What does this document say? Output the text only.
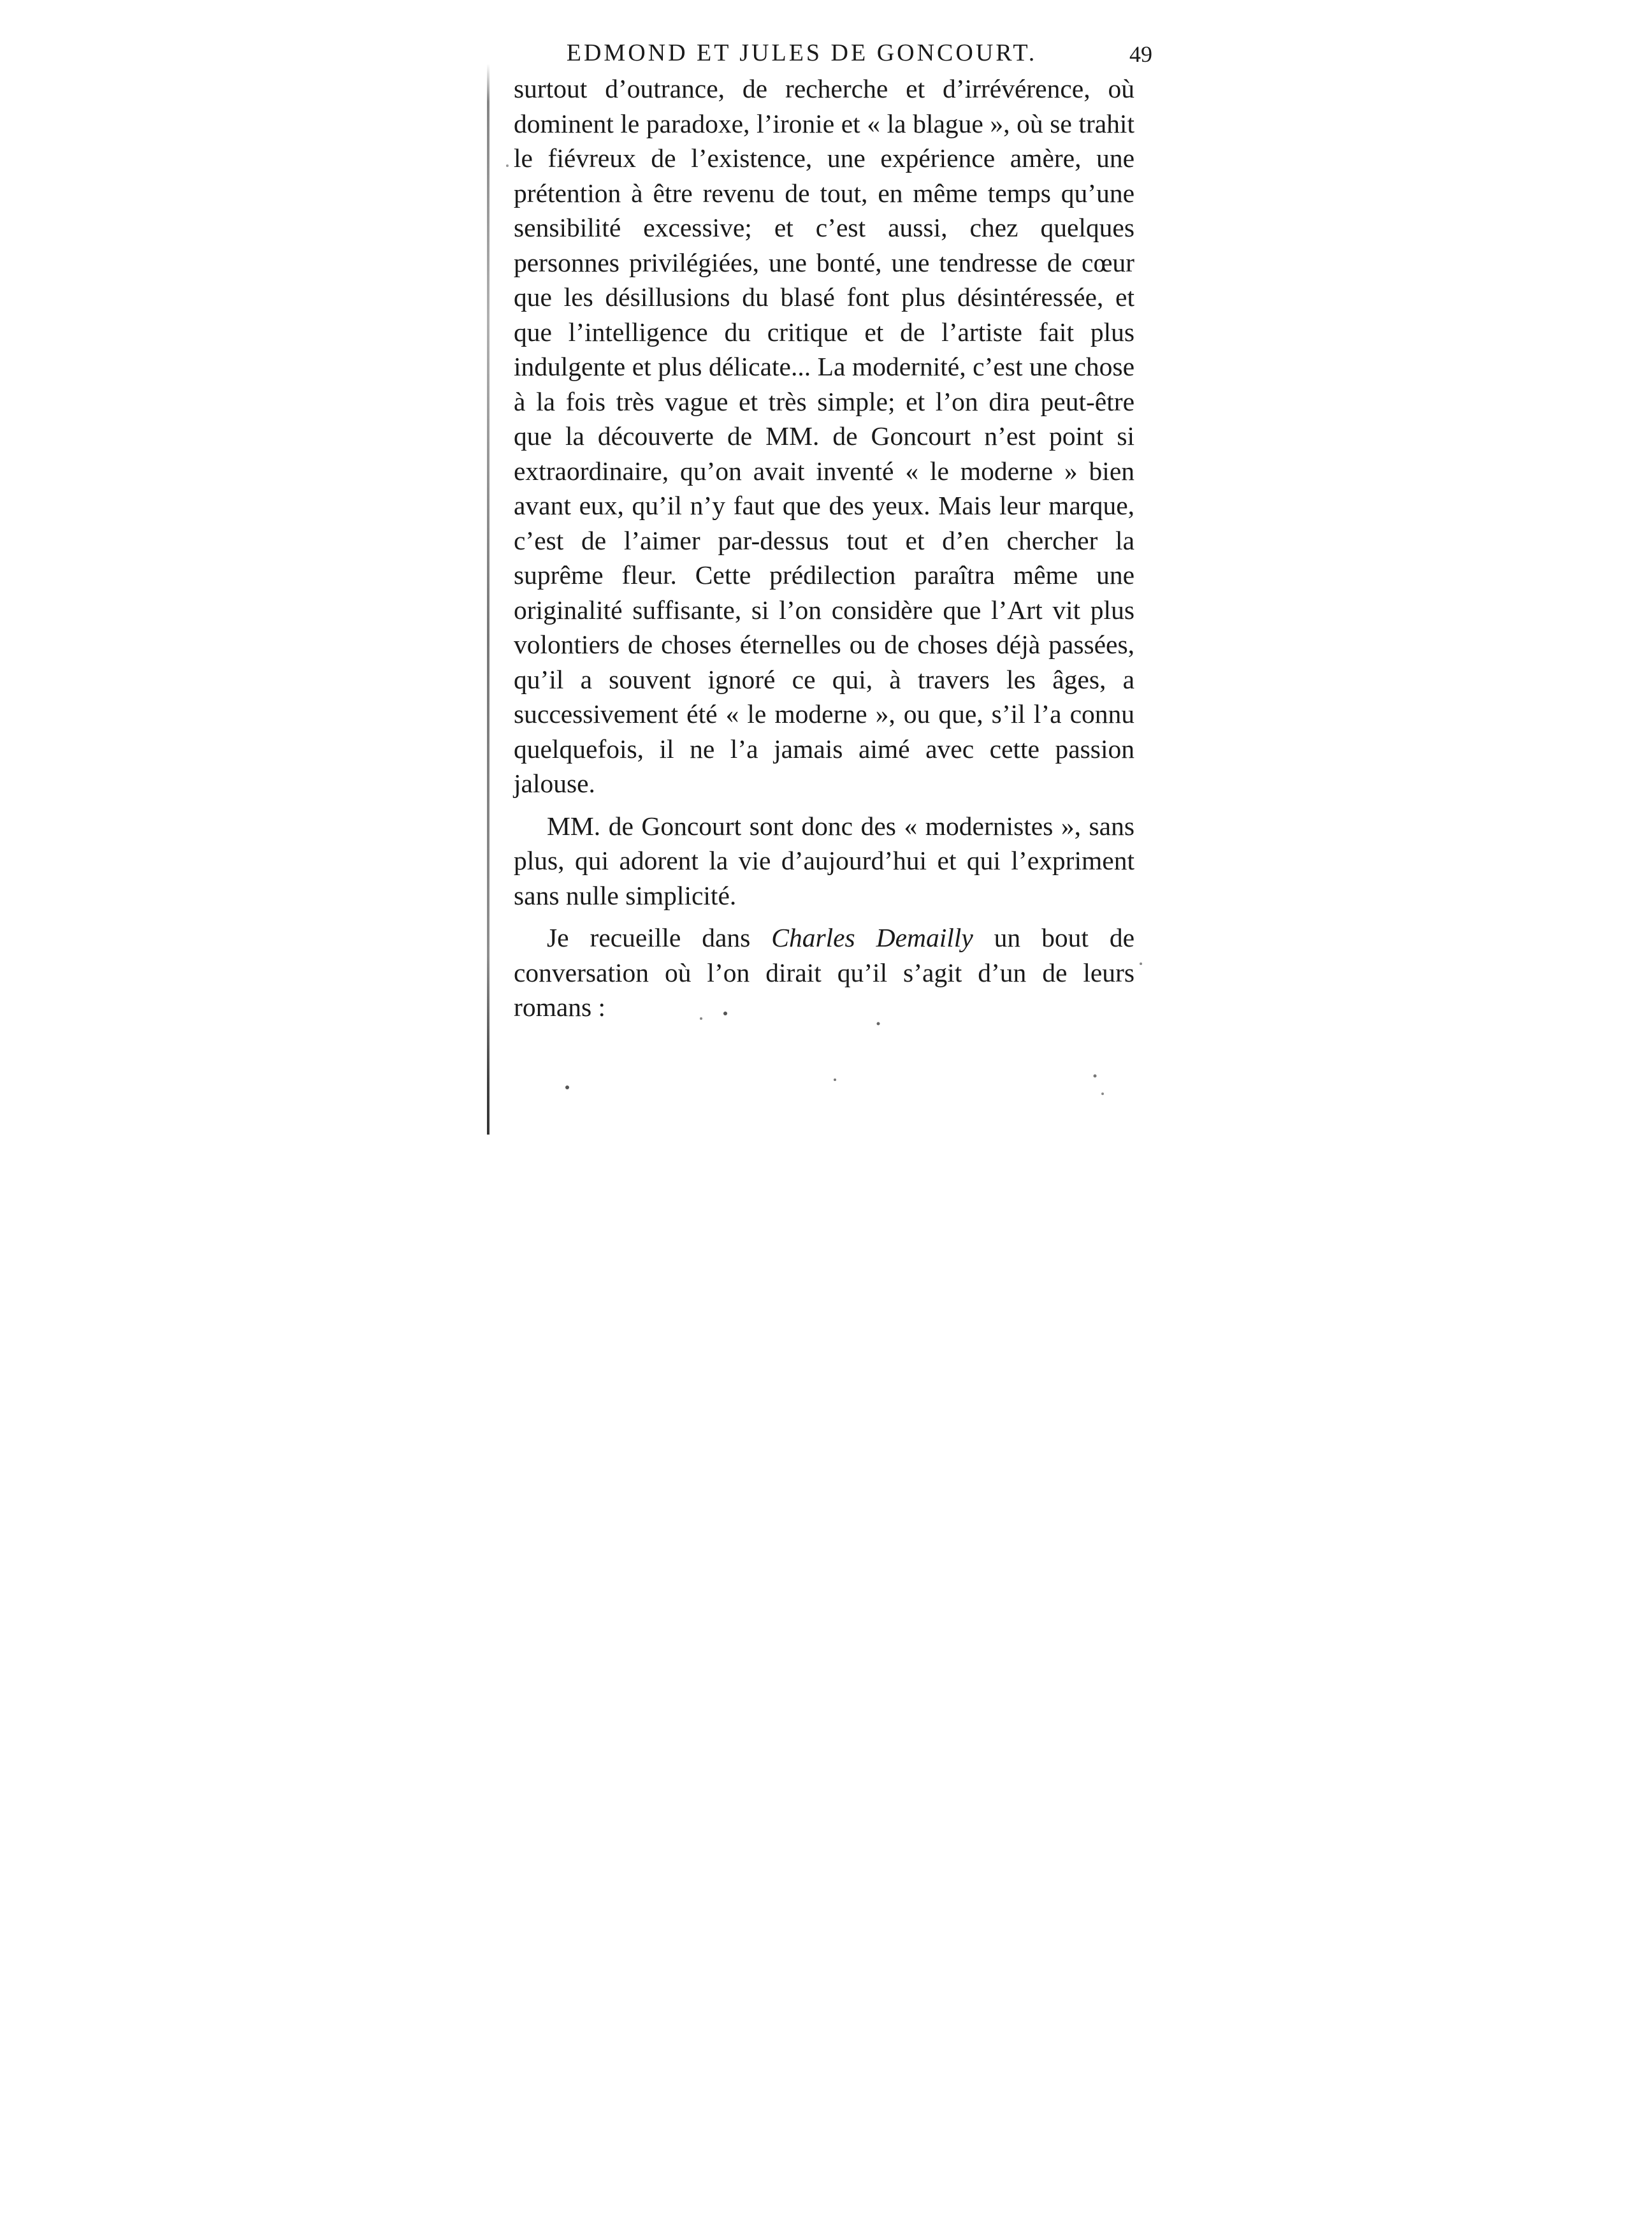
EDMOND ET JULES DE GONCOURT.	49

surtout d’outrance, de recherche et d’irrévérence, où dominent le paradoxe, l’ironie et « la blague », où se trahit le fiévreux de l’existence, une expérience amère, une prétention à être revenu de tout, en même temps qu’une sensibilité excessive; et c’est aussi, chez quelques personnes privilégiées, une bonté, une tendresse de cœur que les désillusions du blasé font plus désintéressée, et que l’intelligence du critique et de l’artiste fait plus indulgente et plus délicate... La modernité, c’est une chose à la fois très vague et très simple; et l’on dira peut-être que la découverte de MM. de Goncourt n’est point si extraordinaire, qu’on avait inventé « le moderne » bien avant eux, qu’il n’y faut que des yeux. Mais leur marque, c’est de l’aimer par-dessus tout et d’en chercher la suprême fleur. Cette prédilection paraîtra même une originalité suffisante, si l’on considère que l’Art vit plus volontiers de choses éternelles ou de choses déjà passées, qu’il a souvent ignoré ce qui, à travers les âges, a successivement été « le moderne », ou que, s’il l’a connu quelquefois, il ne l’a jamais aimé avec cette passion jalouse.

MM. de Goncourt sont donc des « modernistes », sans plus, qui adorent la vie d’aujourd’hui et qui l’expriment sans nulle simplicité.

Je recueille dans Charles Demailly un bout de conversation où l’on dirait qu’il s’agit d’un de leurs romans :
